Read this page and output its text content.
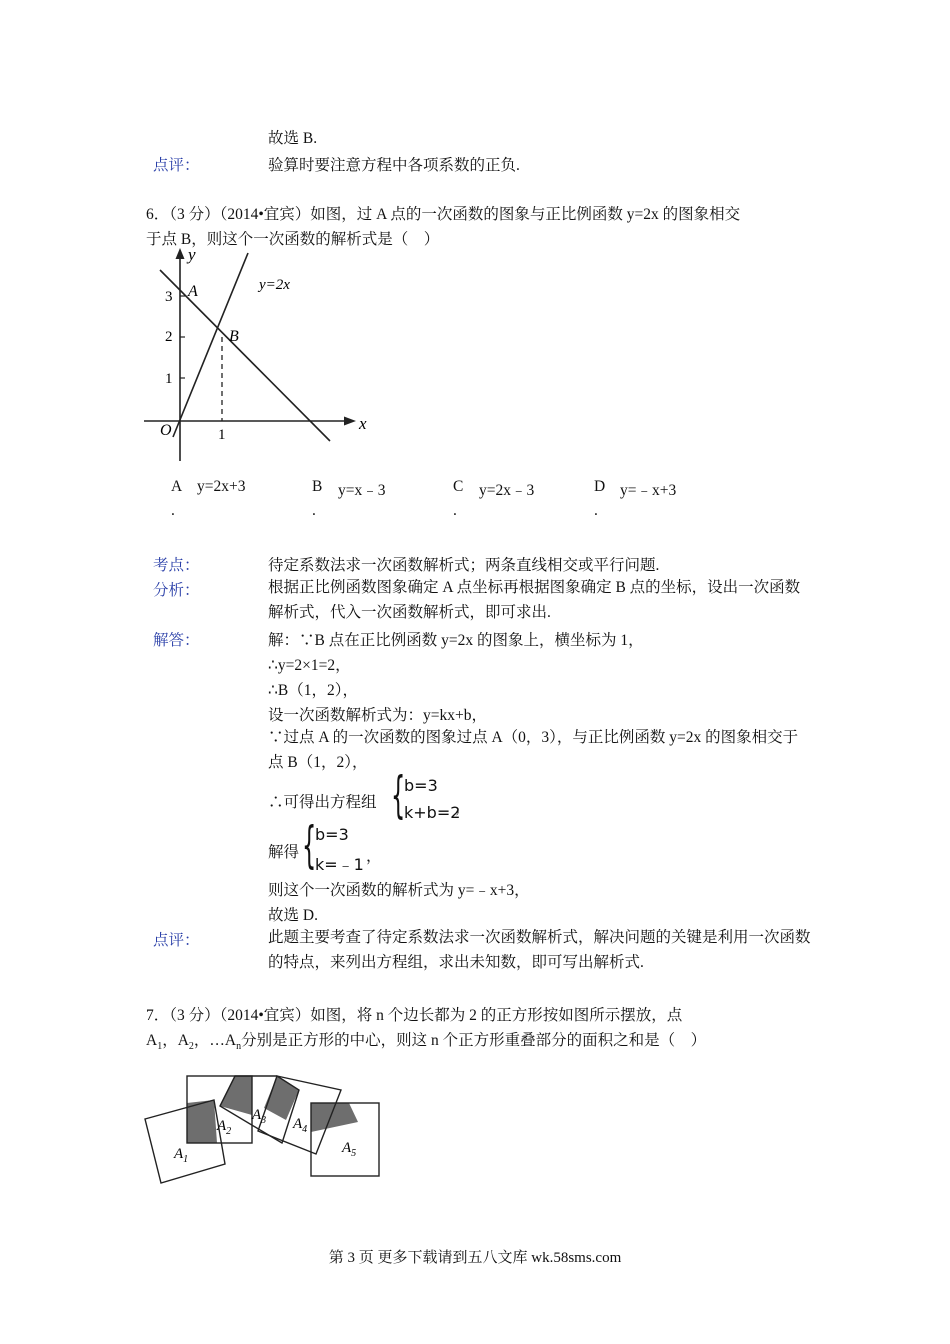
故选 B.
点评：	验算时要注意方程中各项系数的正负.
6．（3 分）（2014•宜宾）如图，过 A 点的一次函数的图象与正比例函数 y=2x 的图象相交
于点 B，则这个一次函数的解析式是（　）
y
x
O
y=2x
A
B
3
2
1
1
A y=2x+3
.
B y=x﹣3
.
C y=2x﹣3
.
D y=﹣x+3
.
考点：	待定系数法求一次函数解析式；两条直线相交或平行问题.
分析：	根据正比例函数图象确定 A 点坐标再根据图象确定 B 点的坐标，设出一次函数解析式，代入一次函数解析式，即可求出.
解答：	解：∵B 点在正比例函数 y=2x 的图象上，横坐标为 1，
∴y=2×1=2，
∴B（1，2），
设一次函数解析式为：y=kx+b，
∵过点 A 的一次函数的图象过点 A（0，3），与正比例函数 y=2x 的图象相交于点 B（1，2），
∴可得出方程组 {
b=3
k+b=2
，
解得 {
b=3
k=﹣1 ，
则这个一次函数的解析式为 y=﹣x+3，
故选 D.
点评：	此题主要考查了待定系数法求一次函数解析式，解决问题的关键是利用一次函数的特点，来列出方程组，求出未知数，即可写出解析式.
7．（3 分）（2014•宜宾）如图，将 n 个边长都为 2 的正方形按如图所示摆放，点
$A_1$，$A_2$，$\dots A_n$分别是正方形的中心，则这 n 个正方形重叠部分的面积之和是（　）
$A_1$
$A_2$
$A_3$ $A_4$
$A_5$
第 3 页 更多下载请到五八文库 wk.58sms.com
